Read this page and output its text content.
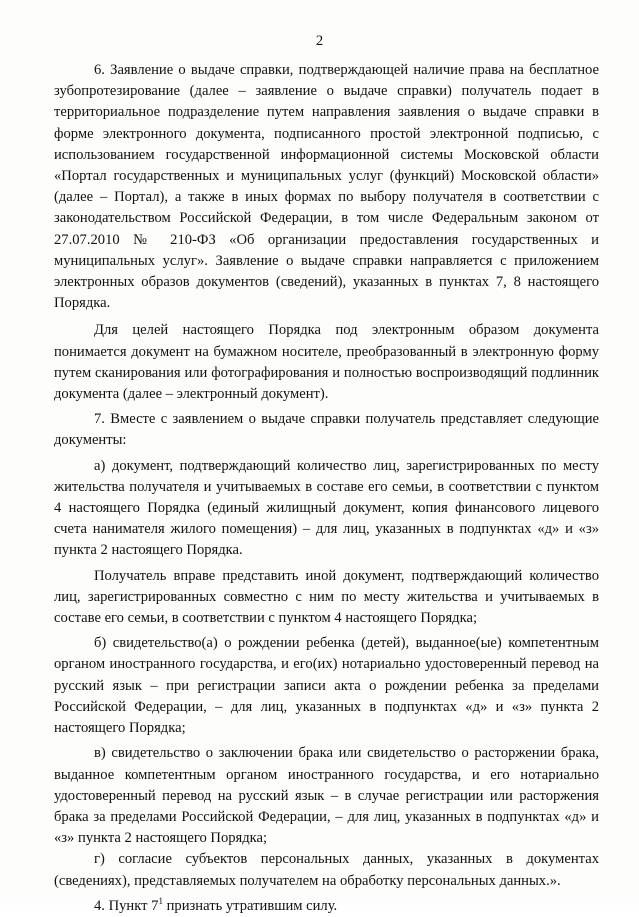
2

6. Заявление о выдаче справки, подтверждающей наличие права на бесплатное зубопротезирование (далее – заявление о выдаче справки) получатель подает в территориальное подразделение путем направления заявления о выдаче справки в форме электронного документа, подписанного простой электронной подписью, с использованием государственной информационной системы Московской области «Портал государственных и муниципальных услуг (функций) Московской области» (далее – Портал), а также в иных формах по выбору получателя в соответствии с законодательством Российской Федерации, в том числе Федеральным законом от 27.07.2010 № 210-ФЗ «Об организации предоставления государственных и муниципальных услуг». Заявление о выдаче справки направляется с приложением электронных образов документов (сведений), указанных в пунктах 7, 8 настоящего Порядка.

Для целей настоящего Порядка под электронным образом документа понимается документ на бумажном носителе, преобразованный в электронную форму путем сканирования или фотографирования и полностью воспроизводящий подлинник документа (далее – электронный документ).

7. Вместе с заявлением о выдаче справки получатель представляет следующие документы:

а) документ, подтверждающий количество лиц, зарегистрированных по месту жительства получателя и учитываемых в составе его семьи, в соответствии с пунктом 4 настоящего Порядка (единый жилищный документ, копия финансового лицевого счета нанимателя жилого помещения) – для лиц, указанных в подпунктах «д» и «з» пункта 2 настоящего Порядка.

Получатель вправе представить иной документ, подтверждающий количество лиц, зарегистрированных совместно с ним по месту жительства и учитываемых в составе его семьи, в соответствии с пунктом 4 настоящего Порядка;

б) свидетельство(а) о рождении ребенка (детей), выданное(ые) компетентным органом иностранного государства, и его(их) нотариально удостоверенный перевод на русский язык – при регистрации записи акта о рождении ребенка за пределами Российской Федерации, – для лиц, указанных в подпунктах «д» и «з» пункта 2 настоящего Порядка;

в) свидетельство о заключении брака или свидетельство о расторжении брака, выданное компетентным органом иностранного государства, и его нотариально удостоверенный перевод на русский язык – в случае регистрации или расторжения брака за пределами Российской Федерации, – для лиц, указанных в подпунктах «д» и «з» пункта 2 настоящего Порядка;

г) согласие субъектов персональных данных, указанных в документах (сведениях), представляемых получателем на обработку персональных данных.».

4. Пункт $7^1$ признать утратившим силу.
